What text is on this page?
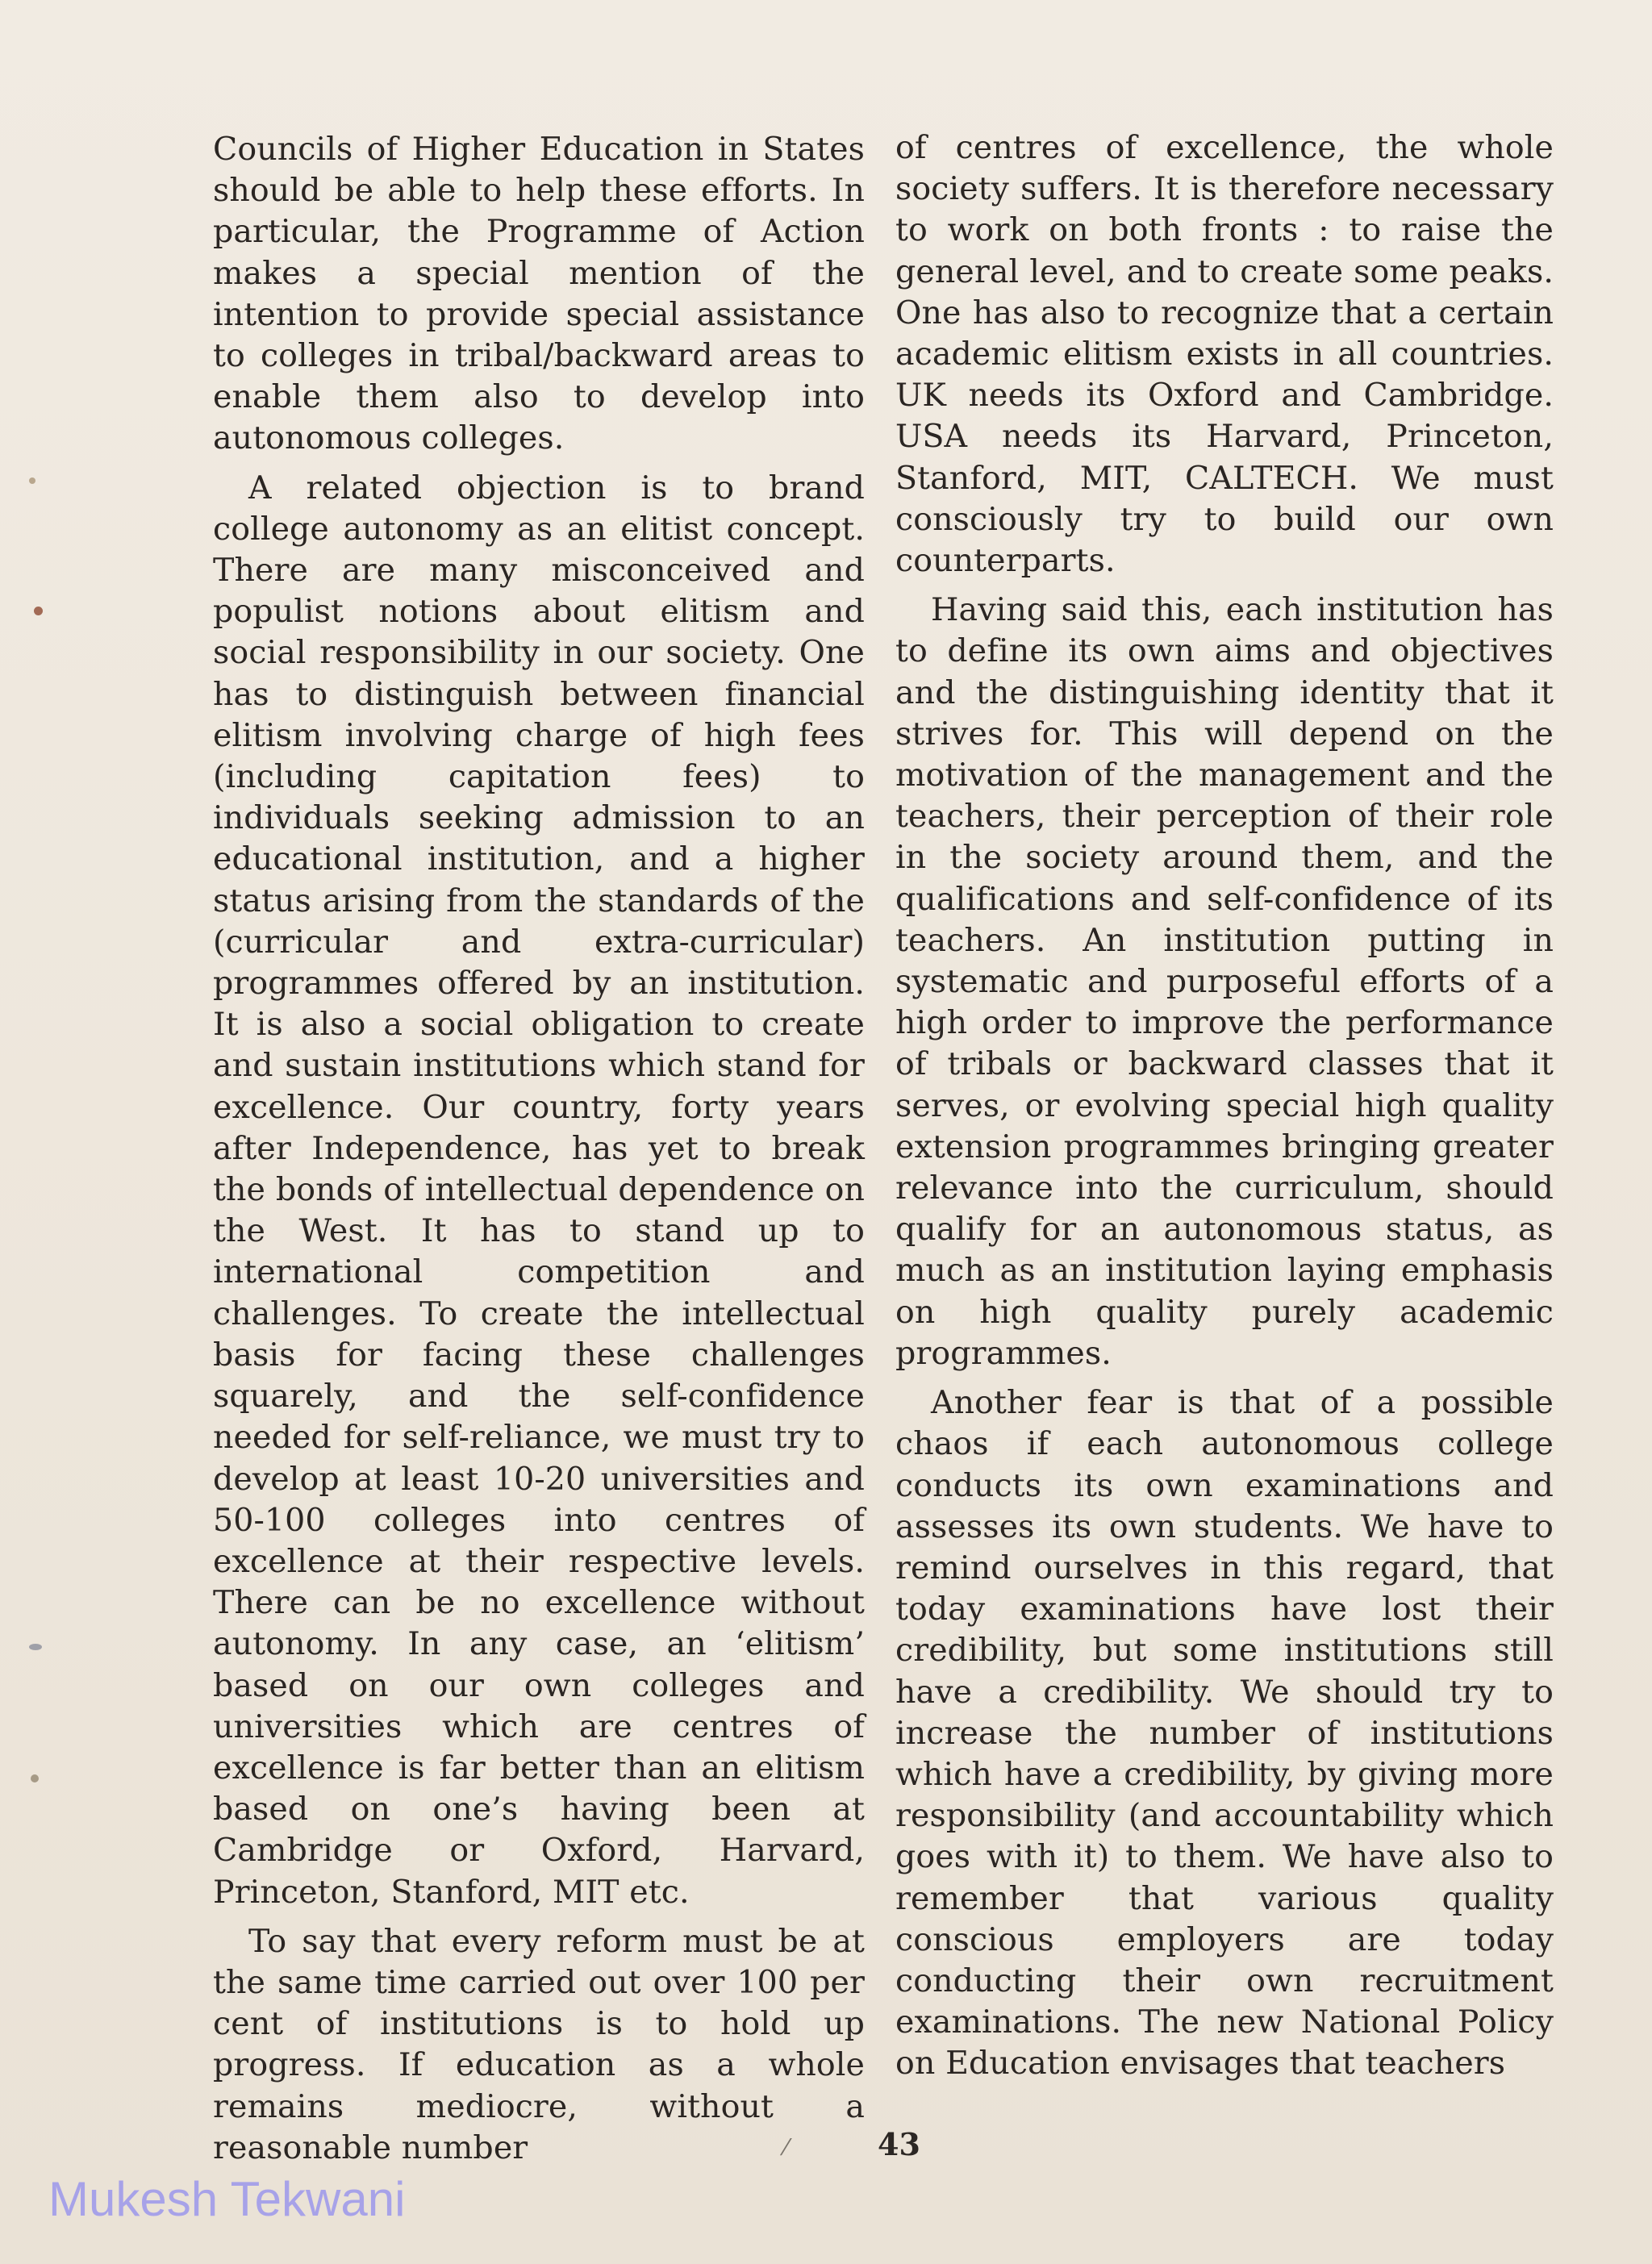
Councils of Higher Education in States should be able to help these efforts. In particular, the Programme of Action makes a special mention of the intention to provide special assistance to colleges in tribal/backward areas to enable them also to develop into autonomous colleges.

A related objection is to brand college autonomy as an elitist concept. There are many misconceived and populist notions about elitism and social responsibility in our society. One has to distinguish between financial elitism involving charge of high fees (including capitation fees) to individuals seeking admission to an educational institution, and a higher status arising from the standards of the (curricular and extra-curricular) programmes offered by an institution. It is also a social obligation to create and sustain institutions which stand for excellence. Our country, forty years after Independence, has yet to break the bonds of intellectual dependence on the West. It has to stand up to international competition and challenges. To create the intellectual basis for facing these challenges squarely, and the self-confidence needed for self-reliance, we must try to develop at least 10-20 universities and 50-100 colleges into centres of excellence at their respective levels. There can be no excellence without autonomy. In any case, an ‘elitism’ based on our own colleges and universities which are centres of excellence is far better than an elitism based on one’s having been at Cambridge or Oxford, Harvard, Princeton, Stanford, MIT etc.

To say that every reform must be at the same time carried out over 100 per cent of institutions is to hold up progress. If education as a whole remains mediocre, without a reasonable number

of centres of excellence, the whole society suffers. It is therefore necessary to work on both fronts : to raise the general level, and to create some peaks. One has also to recognize that a certain academic elitism exists in all countries. UK needs its Oxford and Cambridge. USA needs its Harvard, Princeton, Stanford, MIT, CALTECH. We must consciously try to build our own counterparts.

Having said this, each institution has to define its own aims and objectives and the distinguishing identity that it strives for. This will depend on the motivation of the management and the teachers, their perception of their role in the society around them, and the qualifications and self-confidence of its teachers. An institution putting in systematic and purposeful efforts of a high order to improve the performance of tribals or backward classes that it serves, or evolving special high quality extension programmes bringing greater relevance into the curriculum, should qualify for an autonomous status, as much as an institution laying emphasis on high quality purely academic programmes.

Another fear is that of a possible chaos if each autonomous college conducts its own examinations and assesses its own students. We have to remind ourselves in this regard, that today examinations have lost their credibility, but some institutions still have a credibility. We should try to increase the number of institutions which have a credibility, by giving more responsibility (and accountability which goes with it) to them. We have also to remember that various quality conscious employers are today conducting their own recruitment examinations. The new National Policy on Education envisages that teachers

⁄	43
Mukesh Tekwani
